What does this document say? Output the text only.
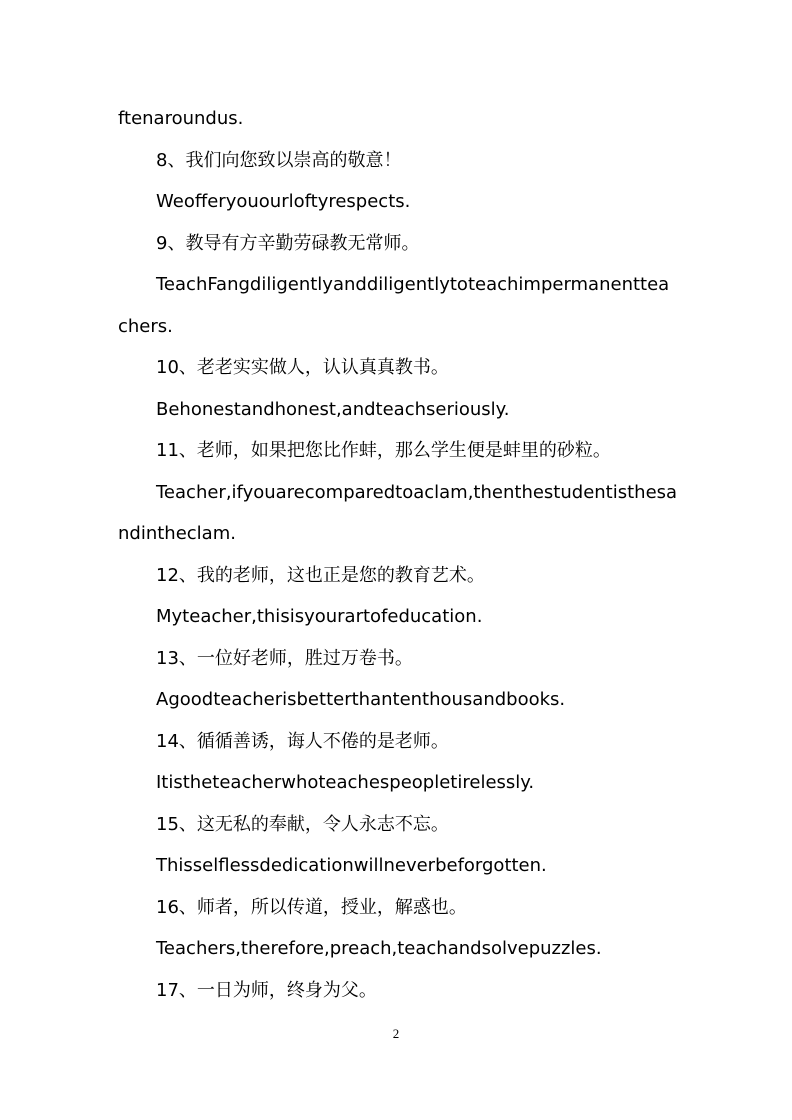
ftenaroundus.
8、我们向您致以崇高的敬意！
Weofferyouourloftyrespects.
9、教导有方辛勤劳碌教无常师。
TeachFangdiligentlyanddiligentlytoteachimpermanenttea
chers.
10、老老实实做人，认认真真教书。
Behonestandhonest,andteachseriously.
11、老师，如果把您比作蚌，那么学生便是蚌里的砂粒。
Teacher,ifyouarecomparedtoaclam,thenthestudentisthesa
ndintheclam.
12、我的老师，这也正是您的教育艺术。
Myteacher,thisisyourartofeducation.
13、一位好老师，胜过万卷书。
Agoodteacherisbetterthantenthousandbooks.
14、循循善诱，诲人不倦的是老师。
Itistheteacherwhoteachespeopletirelessly.
15、这无私的奉献，令人永志不忘。
Thisselflessdedicationwillneverbeforgotten.
16、师者，所以传道，授业，解惑也。
Teachers,therefore,preach,teachandsolvepuzzles.
17、一日为师，终身为父。
2
